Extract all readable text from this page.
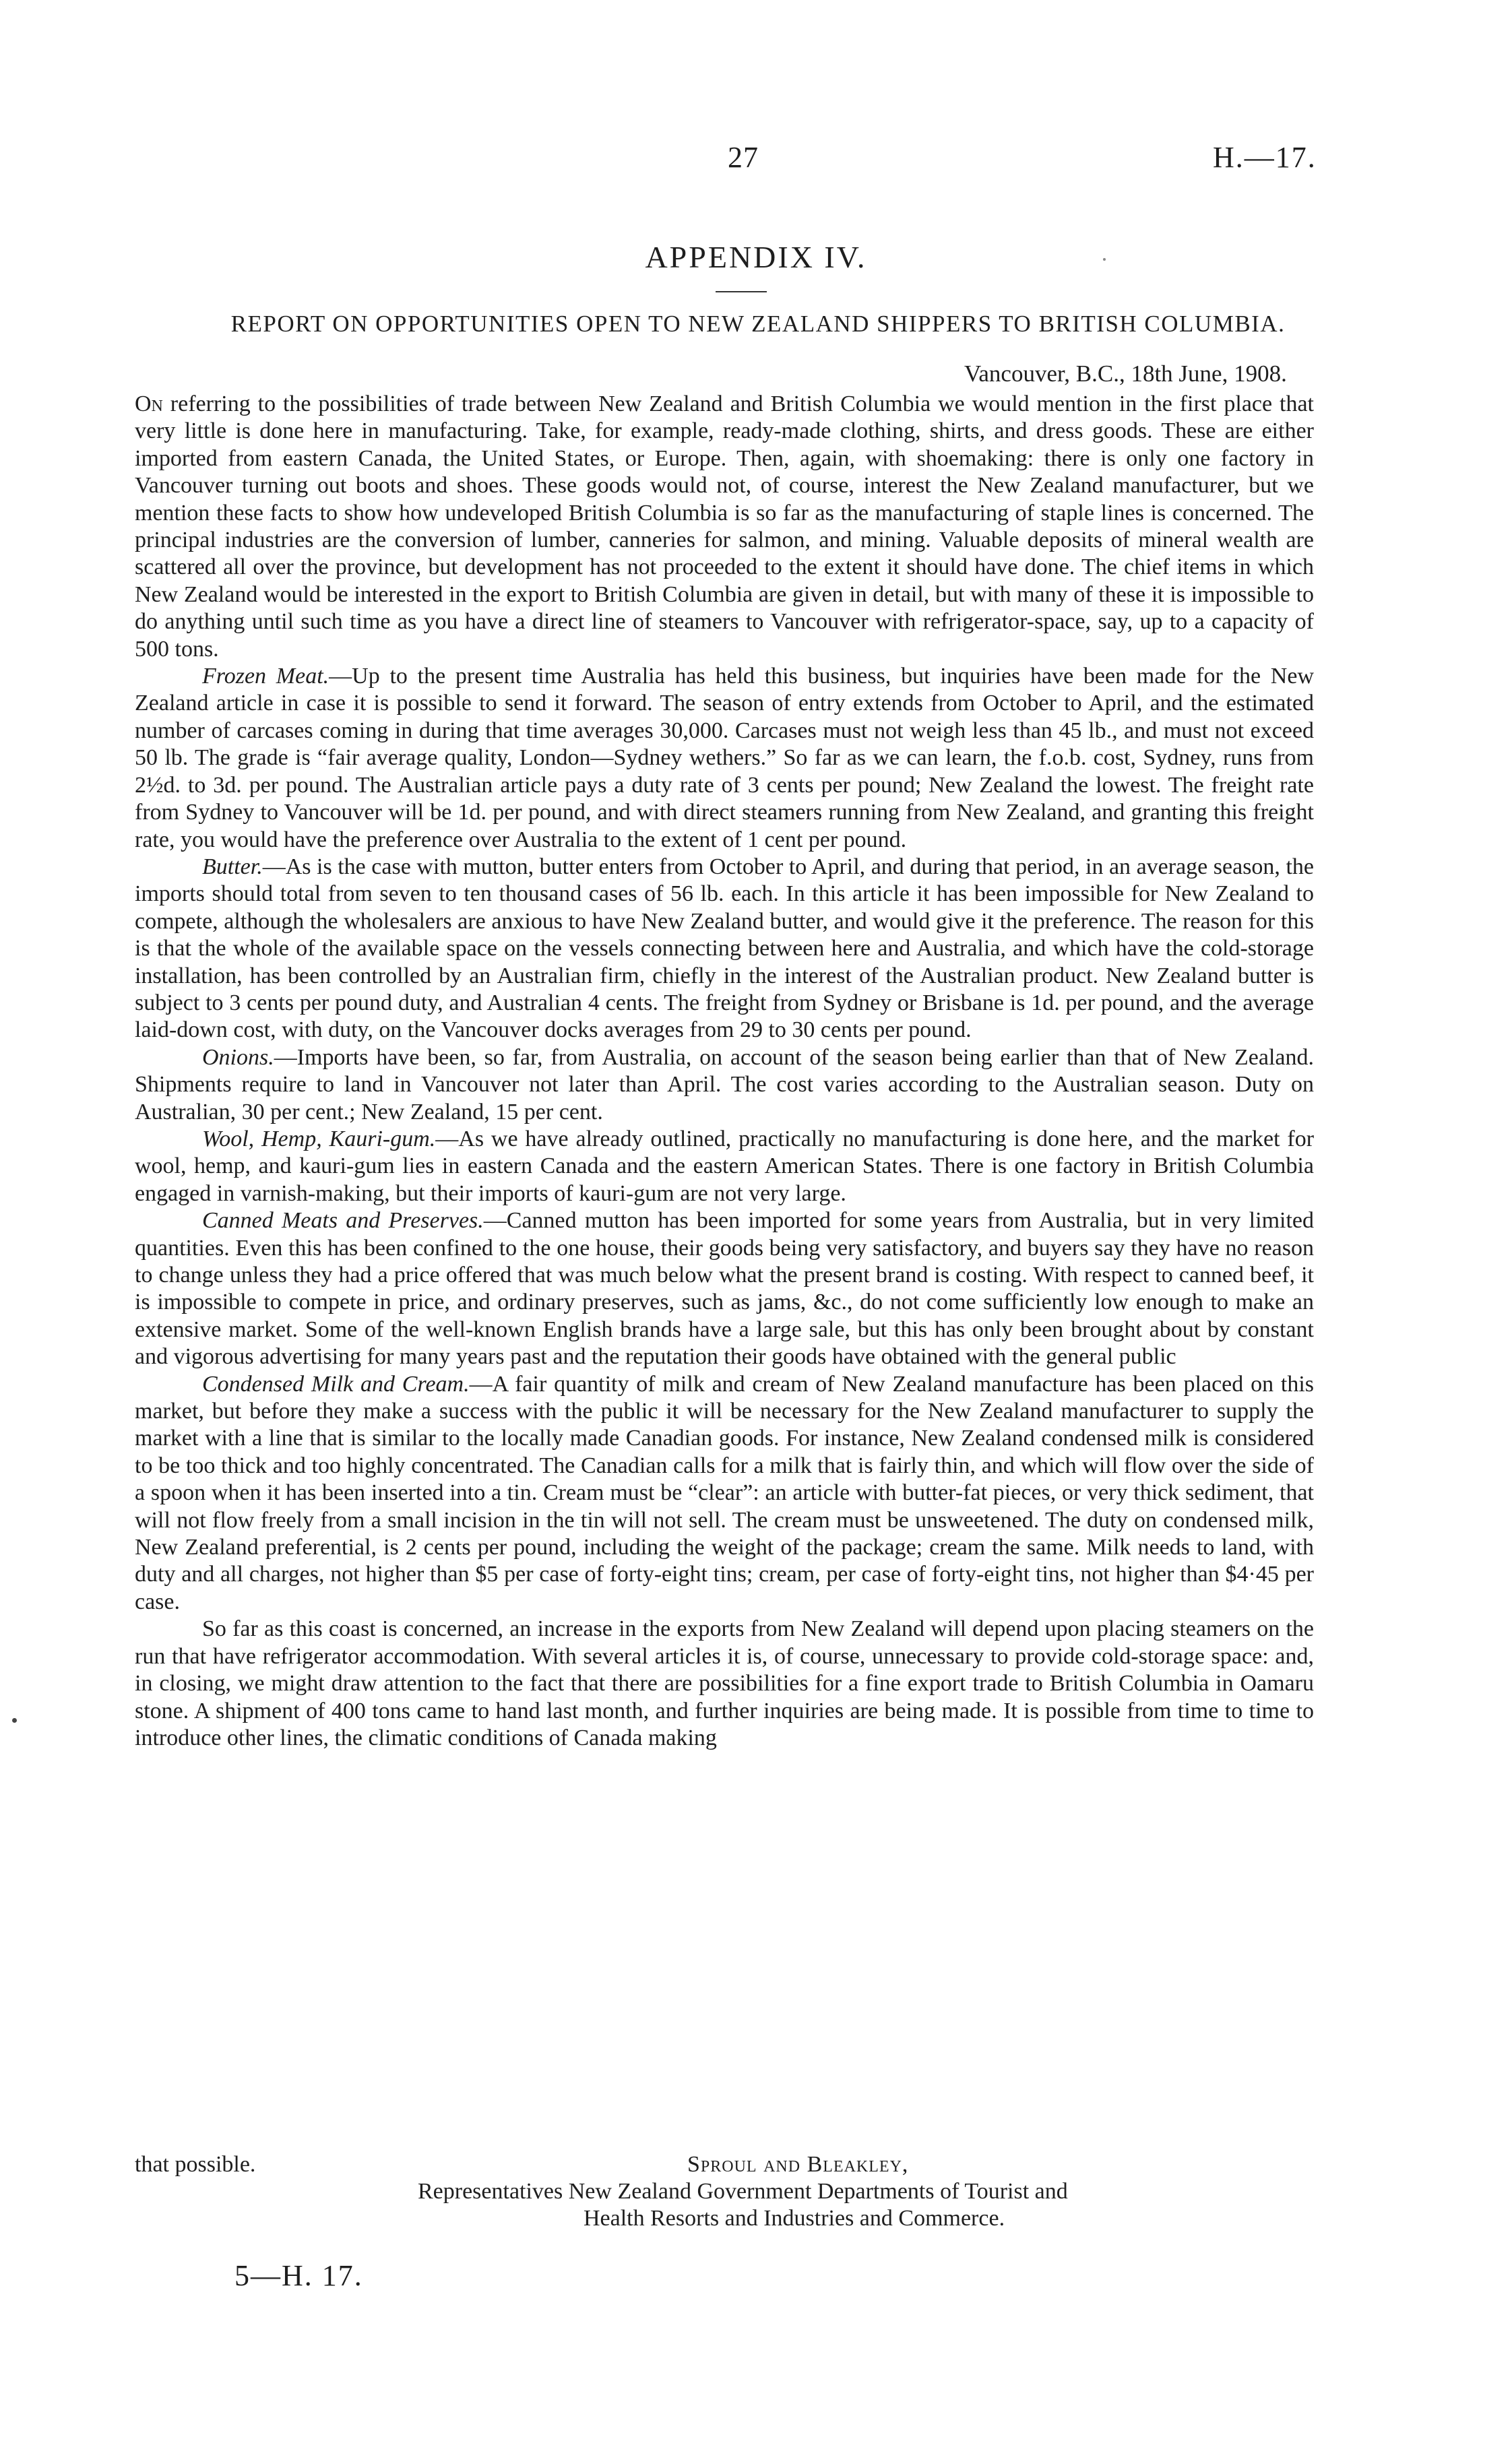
27	H.—17.
APPENDIX IV.
REPORT ON OPPORTUNITIES OPEN TO NEW ZEALAND SHIPPERS TO BRITISH COLUMBIA.
Vancouver, B.C., 18th June, 1908.

On referring to the possibilities of trade between New Zealand and British Columbia we would mention in the first place that very little is done here in manufacturing. Take, for example, ready-made clothing, shirts, and dress goods. These are either imported from eastern Canada, the United States, or Europe. Then, again, with shoemaking: there is only one factory in Vancouver turning out boots and shoes. These goods would not, of course, interest the New Zealand manufacturer, but we mention these facts to show how undeveloped British Columbia is so far as the manufacturing of staple lines is concerned. The principal industries are the conversion of lumber, canneries for salmon, and mining. Valuable deposits of mineral wealth are scattered all over the province, but development has not proceeded to the extent it should have done. The chief items in which New Zealand would be interested in the export to British Columbia are given in detail, but with many of these it is impossible to do anything until such time as you have a direct line of steamers to Vancouver with refrigerator-space, say, up to a capacity of 500 tons.

Frozen Meat.—Up to the present time Australia has held this business, but inquiries have been made for the New Zealand article in case it is possible to send it forward. The season of entry extends from October to April, and the estimated number of carcases coming in during that time averages 30,000. Carcases must not weigh less than 45 lb., and must not exceed 50 lb. The grade is “fair average quality, London—Sydney wethers.” So far as we can learn, the f.o.b. cost, Sydney, runs from 2½d. to 3d. per pound. The Australian article pays a duty rate of 3 cents per pound; New Zealand the lowest. The freight rate from Sydney to Vancouver will be 1d. per pound, and with direct steamers running from New Zealand, and granting this freight rate, you would have the preference over Australia to the extent of 1 cent per pound.

Butter.—As is the case with mutton, butter enters from October to April, and during that period, in an average season, the imports should total from seven to ten thousand cases of 56 lb. each. In this article it has been impossible for New Zealand to compete, although the wholesalers are anxious to have New Zealand butter, and would give it the preference. The reason for this is that the whole of the available space on the vessels connecting between here and Australia, and which have the cold-storage installation, has been controlled by an Australian firm, chiefly in the interest of the Australian product. New Zealand butter is subject to 3 cents per pound duty, and Australian 4 cents. The freight from Sydney or Brisbane is 1d. per pound, and the average laid-down cost, with duty, on the Vancouver docks averages from 29 to 30 cents per pound.

Onions.—Imports have been, so far, from Australia, on account of the season being earlier than that of New Zealand. Shipments require to land in Vancouver not later than April. The cost varies according to the Australian season. Duty on Australian, 30 per cent.; New Zealand, 15 per cent.

Wool, Hemp, Kauri-gum.—As we have already outlined, practically no manufacturing is done here, and the market for wool, hemp, and kauri-gum lies in eastern Canada and the eastern American States. There is one factory in British Columbia engaged in varnish-making, but their imports of kauri-gum are not very large.

Canned Meats and Preserves.—Canned mutton has been imported for some years from Australia, but in very limited quantities. Even this has been confined to the one house, their goods being very satisfactory, and buyers say they have no reason to change unless they had a price offered that was much below what the present brand is costing. With respect to canned beef, it is impossible to compete in price, and ordinary preserves, such as jams, &c., do not come sufficiently low enough to make an extensive market. Some of the well-known English brands have a large sale, but this has only been brought about by constant and vigorous advertising for many years past and the reputation their goods have obtained with the general public

Condensed Milk and Cream.—A fair quantity of milk and cream of New Zealand manufacture has been placed on this market, but before they make a success with the public it will be necessary for the New Zealand manufacturer to supply the market with a line that is similar to the locally made Canadian goods. For instance, New Zealand condensed milk is considered to be too thick and too highly concentrated. The Canadian calls for a milk that is fairly thin, and which will flow over the side of a spoon when it has been inserted into a tin. Cream must be “clear”: an article with butter-fat pieces, or very thick sediment, that will not flow freely from a small incision in the tin will not sell. The cream must be unsweetened. The duty on condensed milk, New Zealand preferential, is 2 cents per pound, including the weight of the package; cream the same. Milk needs to land, with duty and all charges, not higher than $5 per case of forty-eight tins; cream, per case of forty-eight tins, not higher than $4·45 per case.

So far as this coast is concerned, an increase in the exports from New Zealand will depend upon placing steamers on the run that have refrigerator accommodation. With several articles it is, of course, unnecessary to provide cold-storage space: and, in closing, we might draw attention to the fact that there are possibilities for a fine export trade to British Columbia in Oamaru stone. A shipment of 400 tons came to hand last month, and further inquiries are being made. It is possible from time to time to introduce other lines, the climatic conditions of Canada making

that possible.	Sproul and Bleakley,
Representatives New Zealand Government Departments of Tourist and
Health Resorts and Industries and Commerce.
5—H. 17.
